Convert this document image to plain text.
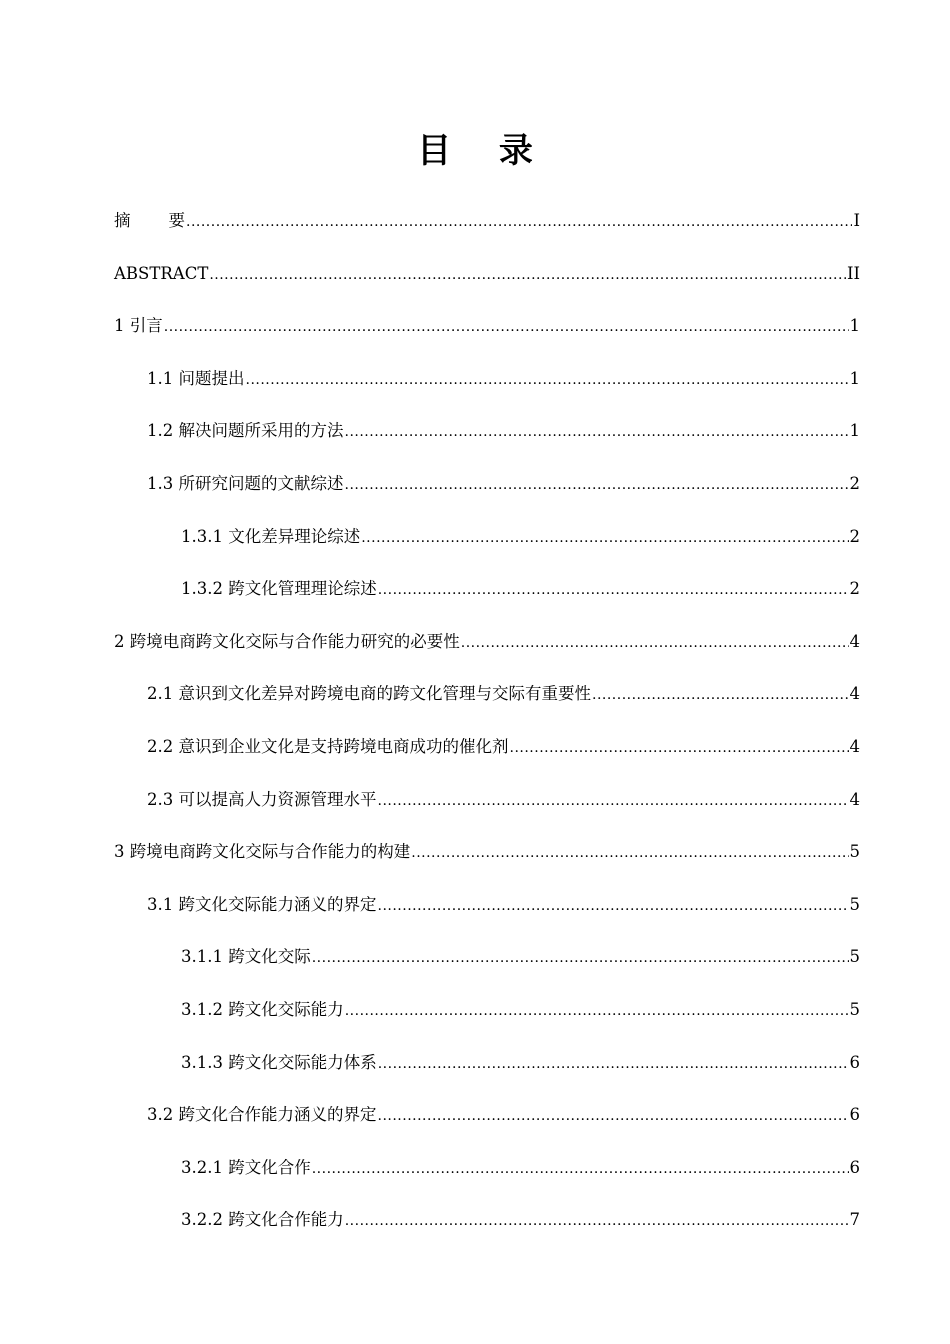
目 录
摘 要 .....	I
ABSTRACT .....	II
1 引言 .....	1
1.1 问题提出 .....	1
1.2 解决问题所采用的方法 .....	1
1.3 所研究问题的文献综述 .....	2
1.3.1 文化差异理论综述 .....	2
1.3.2 跨文化管理理论综述 .....	2
2 跨境电商跨文化交际与合作能力研究的必要性 .....	4
2.1 意识到文化差异对跨境电商的跨文化管理与交际有重要性 .....	4
2.2 意识到企业文化是支持跨境电商成功的催化剂 .....	4
2.3 可以提高人力资源管理水平 .....	4
3 跨境电商跨文化交际与合作能力的构建 .....	5
3.1 跨文化交际能力涵义的界定 .....	5
3.1.1 跨文化交际 .....	5
3.1.2 跨文化交际能力 .....	5
3.1.3 跨文化交际能力体系 .....	6
3.2 跨文化合作能力涵义的界定 .....	6
3.2.1 跨文化合作 .....	6
3.2.2 跨文化合作能力 .....	7
